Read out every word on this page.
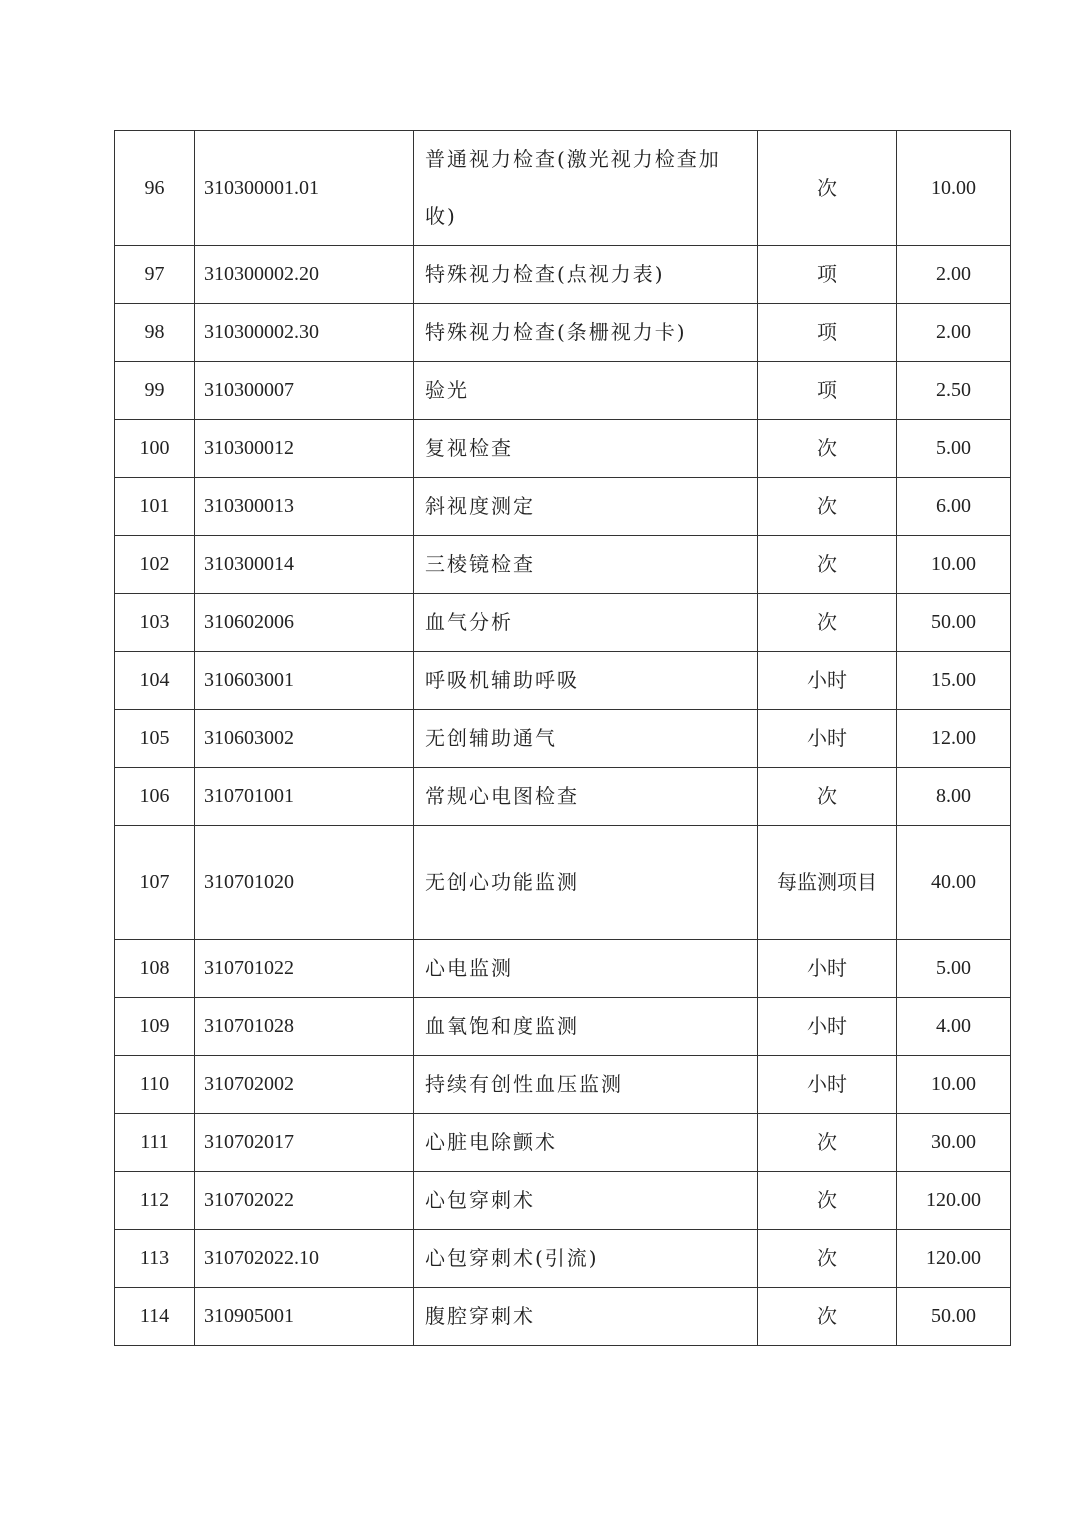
96	310300001.01	普通视力检查(激光视力检查加收)	次	10.00
97	310300002.20	特殊视力检查(点视力表)	项	2.00
98	310300002.30	特殊视力检查(条栅视力卡)	项	2.00
99	310300007	验光	项	2.50
100	310300012	复视检查	次	5.00
101	310300013	斜视度测定	次	6.00
102	310300014	三棱镜检查	次	10.00
103	310602006	血气分析	次	50.00
104	310603001	呼吸机辅助呼吸	小时	15.00
105	310603002	无创辅助通气	小时	12.00
106	310701001	常规心电图检查	次	8.00
107	310701020	无创心功能监测	每监测项目	40.00
108	310701022	心电监测	小时	5.00
109	310701028	血氧饱和度监测	小时	4.00
110	310702002	持续有创性血压监测	小时	10.00
111	310702017	心脏电除颤术	次	30.00
112	310702022	心包穿刺术	次	120.00
113	310702022.10	心包穿刺术(引流)	次	120.00
114	310905001	腹腔穿刺术	次	50.00
